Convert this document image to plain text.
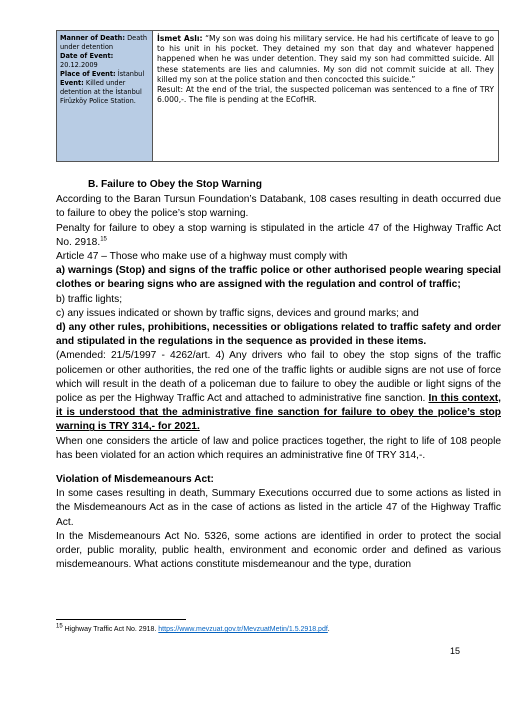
Manner of Death: Death under detention
Date of Event: 20.12.2009
Place of Event: İstanbul
Event: Killed under detention at the İstanbul Firüzköy Police Station.
İsmet Aslı: “My son was doing his military service. He had his certificate of leave to go to his unit in his pocket. They detained my son that day and whatever happened happened when he was under detention. They said my son had committed suicide. All these statements are lies and calumnies. My son did not commit suicide at all. They killed my son at the police station and then concocted this suicide.”
Result: At the end of the trial, the suspected policeman was sentenced to a fine of TRY 6.000,-. The file is pending at the ECofHR.

B. Failure to Obey the Stop Warning

According to the Baran Tursun Foundation’s Databank, 108 cases resulting in death occurred due to failure to obey the police’s stop warning.

Penalty for failure to obey a stop warning is stipulated in the article 47 of the Highway Traffic Act No. 2918.15

Article 47 – Those who make use of a highway must comply with

a) warnings (Stop) and signs of the traffic police or other authorised people wearing special clothes or bearing signs who are assigned with the regulation and control of traffic;

b) traffic lights;

c) any issues indicated or shown by traffic signs, devices and ground marks; and

d) any other rules, prohibitions, necessities or obligations related to traffic safety and order and stipulated in the regulations in the sequence as provided in these items.

(Amended: 21/5/1997 - 4262/art. 4) Any drivers who fail to obey the stop signs of the traffic policemen or other authorities, the red one of the traffic lights or audible signs are not use of force which will result in the death of a policeman due to failure to obey the audible or light signs of the police as per the Highway Traffic Act and attached to administrative fine sanction. In this context, it is understood that the administrative fine sanction for failure to obey the police’s stop warning is TRY 314,- for 2021.

When one considers the article of law and police practices together, the right to life of 108 people has been violated for an action which requires an administrative fine 0f TRY 314,-.

Violation of Misdemeanours Act:

In some cases resulting in death, Summary Executions occurred due to some actions as listed in the Misdemeanours Act as in the case of actions as listed in the article 47 of the Highway Traffic Act.

In the Misdemeanours Act No. 5326, some actions are identified in order to protect the social order, public morality, public health, environment and economic order and defined as various misdemeanours. What actions constitute misdemeanour and the type, duration

$^{15}$ Highway Traffic Act No. 2918. https://www.mevzuat.gov.tr/MevzuatMetin/1.5.2918.pdf.
15
